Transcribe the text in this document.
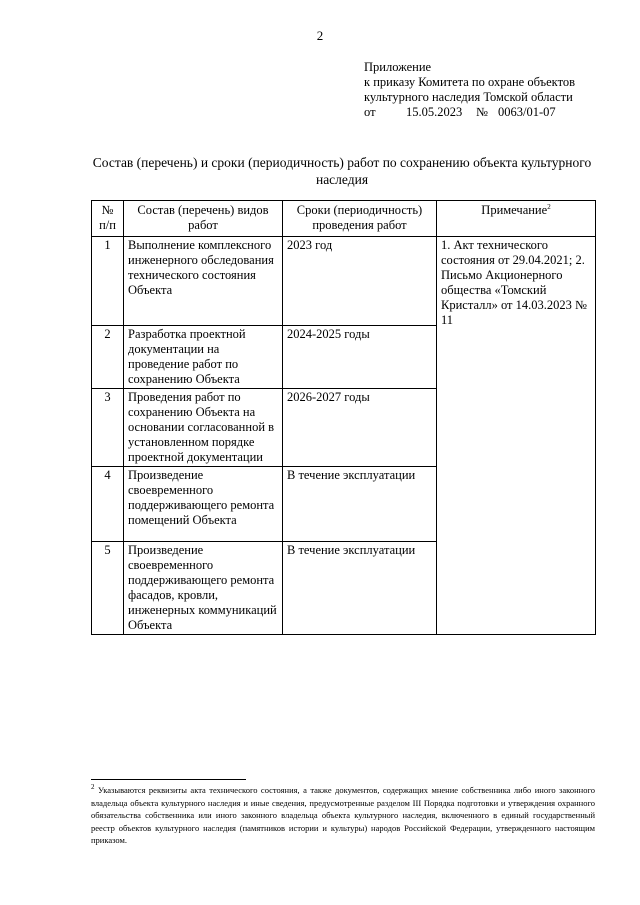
2
Приложение
к приказу Комитета по охране объектов
культурного наследия Томской области
от 15.05.2023 № 0063/01-07
Состав (перечень) и сроки (периодичность) работ по сохранению объекта культурного наследия
№ п/п	Состав (перечень) видов работ	Сроки (периодичность) проведения работ	Примечание$^2$
1	Выполнение комплексного инженерного обследования технического состояния Объекта	2023 год	1. Акт технического состояния от 29.04.2021; 2. Письмо Акционерного общества «Томский Кристалл» от 14.03.2023 № 11
2	Разработка проектной документации на проведение работ по сохранению Объекта	2024-2025 годы	
3	Проведения работ по сохранению Объекта на основании согласованной в установленном порядке проектной документации	2026-2027 годы	
4	Произведение своевременного поддерживающего ремонта помещений Объекта	В течение эксплуатации	
5	Произведение своевременного поддерживающего ремонта фасадов, кровли, инженерных коммуникаций Объекта	В течение эксплуатации	
$^2$ Указываются реквизиты акта технического состояния, а также документов, содержащих мнение собственника либо иного законного владельца объекта культурного наследия и иные сведения, предусмотренные разделом III Порядка подготовки и утверждения охранного обязательства собственника или иного законного владельца объекта культурного наследия, включенного в единый государственный реестр объектов культурного наследия (памятников истории и культуры) народов Российской Федерации, утвержденного настоящим приказом.
